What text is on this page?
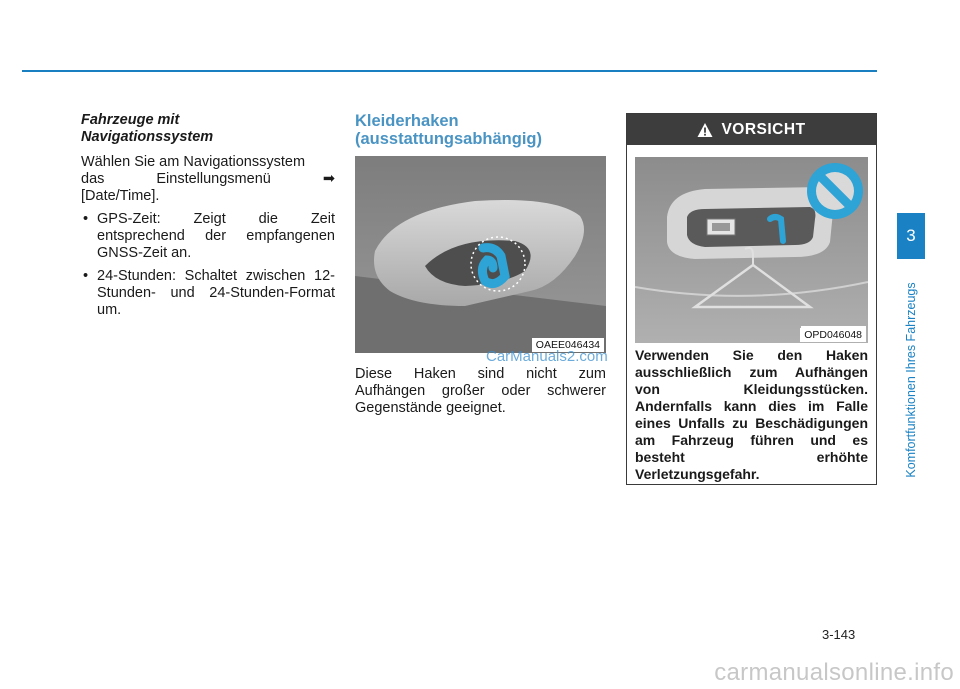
Fahrzeuge mit
Navigationssystem

Wählen Sie am Navigationssystem
das	Einstellungsmenü	➡
[Date/Time].
• GPS-Zeit: Zeigt die Zeit entsprechend der empfangenen GNSS-Zeit an.
• 24-Stunden: Schaltet zwischen 12-Stunden- und 24-Stunden-Format um.

Kleiderhaken
(ausstattungsabhängig)

OAEE046434

Diese Haken sind nicht zum Aufhängen großer oder schwerer Gegenstände geeignet.

CarManuals2.com
VORSICHT
OPD046048

Verwenden Sie den Haken ausschließlich zum Aufhängen von Kleidungsstücken. Andernfalls kann dies im Falle eines Unfalls zu Beschädigungen am Fahrzeug führen und es besteht erhöhte Verletzungsgefahr.

3
Komfortfunktionen Ihres Fahrzeugs
3-143
carmanualsonline.info
